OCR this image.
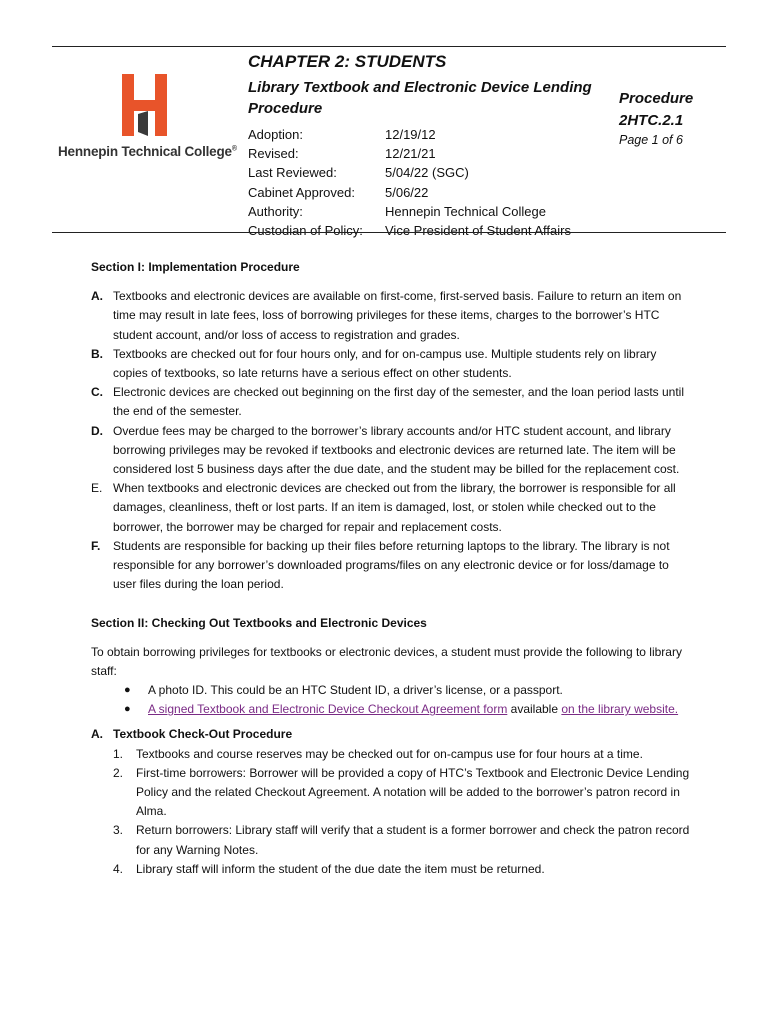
Hennepin Technical College®

CHAPTER 2: STUDENTS

Library Textbook and Electronic Device Lending Procedure

Adoption:	12/19/12
Revised:	12/21/21
Last Reviewed:	5/04/22 (SGC)
Cabinet Approved:	5/06/22
Authority:	Hennepin Technical College
Custodian of Policy:	Vice President of Student Affairs
Procedure
2HTC.2.1
Page 1 of 6

Section I: Implementation Procedure

A. Textbooks and electronic devices are available on first-come, first-served basis. Failure to return an item on time may result in late fees, loss of borrowing privileges for these items, charges to the borrower’s HTC student account, and/or loss of access to registration and grades.
B. Textbooks are checked out for four hours only, and for on-campus use. Multiple students rely on library copies of textbooks, so late returns have a serious effect on other students.
C. Electronic devices are checked out beginning on the first day of the semester, and the loan period lasts until the end of the semester.
D. Overdue fees may be charged to the borrower’s library accounts and/or HTC student account, and library borrowing privileges may be revoked if textbooks and electronic devices are returned late. The item will be considered lost 5 business days after the due date, and the student may be billed for the replacement cost.
E. When textbooks and electronic devices are checked out from the library, the borrower is responsible for all damages, cleanliness, theft or lost parts. If an item is damaged, lost, or stolen while checked out to the borrower, the borrower may be charged for repair and replacement costs.
F.	Students are responsible for backing up their files before returning laptops to the library. The library is not responsible for any borrower’s downloaded programs/files on any electronic device or for loss/damage to user files during the loan period.

Section II: Checking Out Textbooks and Electronic Devices

To obtain borrowing privileges for textbooks or electronic devices, a student must provide the following to library staff:

●	A photo ID. This could be an HTC Student ID, a driver’s license, or a passport.
●	A signed Textbook and Electronic Device Checkout Agreement form available on the library website.
A. Textbook Check-Out Procedure
1.	Textbooks and course reserves may be checked out for on-campus use for four hours at a time.
2.	First-time borrowers: Borrower will be provided a copy of HTC’s Textbook and Electronic Device Lending Policy and the related Checkout Agreement. A notation will be added to the borrower’s patron record in Alma.
3.	Return borrowers: Library staff will verify that a student is a former borrower and check the patron record for any Warning Notes.
4.	Library staff will inform the student of the due date the item must be returned.
